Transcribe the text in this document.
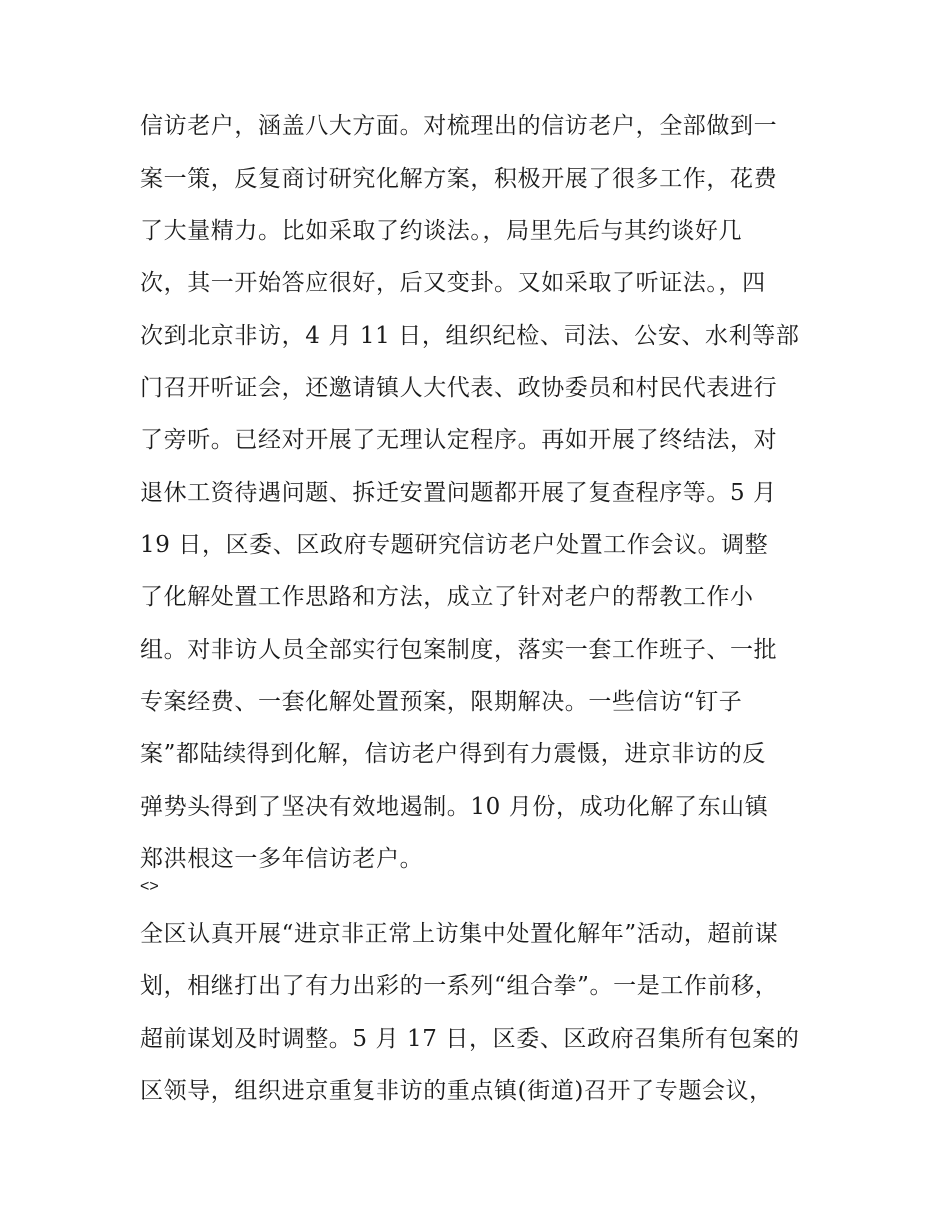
信访老户，涵盖八大方面。对梳理出的信访老户，全部做到一
案一策，反复商讨研究化解方案，积极开展了很多工作，花费
了大量精力。比如采取了约谈法。，局里先后与其约谈好几
次，其一开始答应很好，后又变卦。又如采取了听证法。，四
次到北京非访，4 月 11 日，组织纪检、司法、公安、水利等部
门召开听证会，还邀请镇人大代表、政协委员和村民代表进行
了旁听。已经对开展了无理认定程序。再如开展了终结法，对
退休工资待遇问题、拆迁安置问题都开展了复查程序等。5 月
19 日，区委、区政府专题研究信访老户处置工作会议。调整
了化解处置工作思路和方法，成立了针对老户的帮教工作小
组。对非访人员全部实行包案制度，落实一套工作班子、一批
专案经费、一套化解处置预案，限期解决。一些信访“钉子
案”都陆续得到化解，信访老户得到有力震慑，进京非访的反
弹势头得到了坚决有效地遏制。10 月份，成功化解了东山镇
郑洪根这一多年信访老户。
<>
全区认真开展“进京非正常上访集中处置化解年”活动，超前谋
划，相继打出了有力出彩的一系列“组合拳”。一是工作前移，
超前谋划及时调整。5 月 17 日，区委、区政府召集所有包案的
区领导，组织进京重复非访的重点镇(街道)召开了专题会议，
